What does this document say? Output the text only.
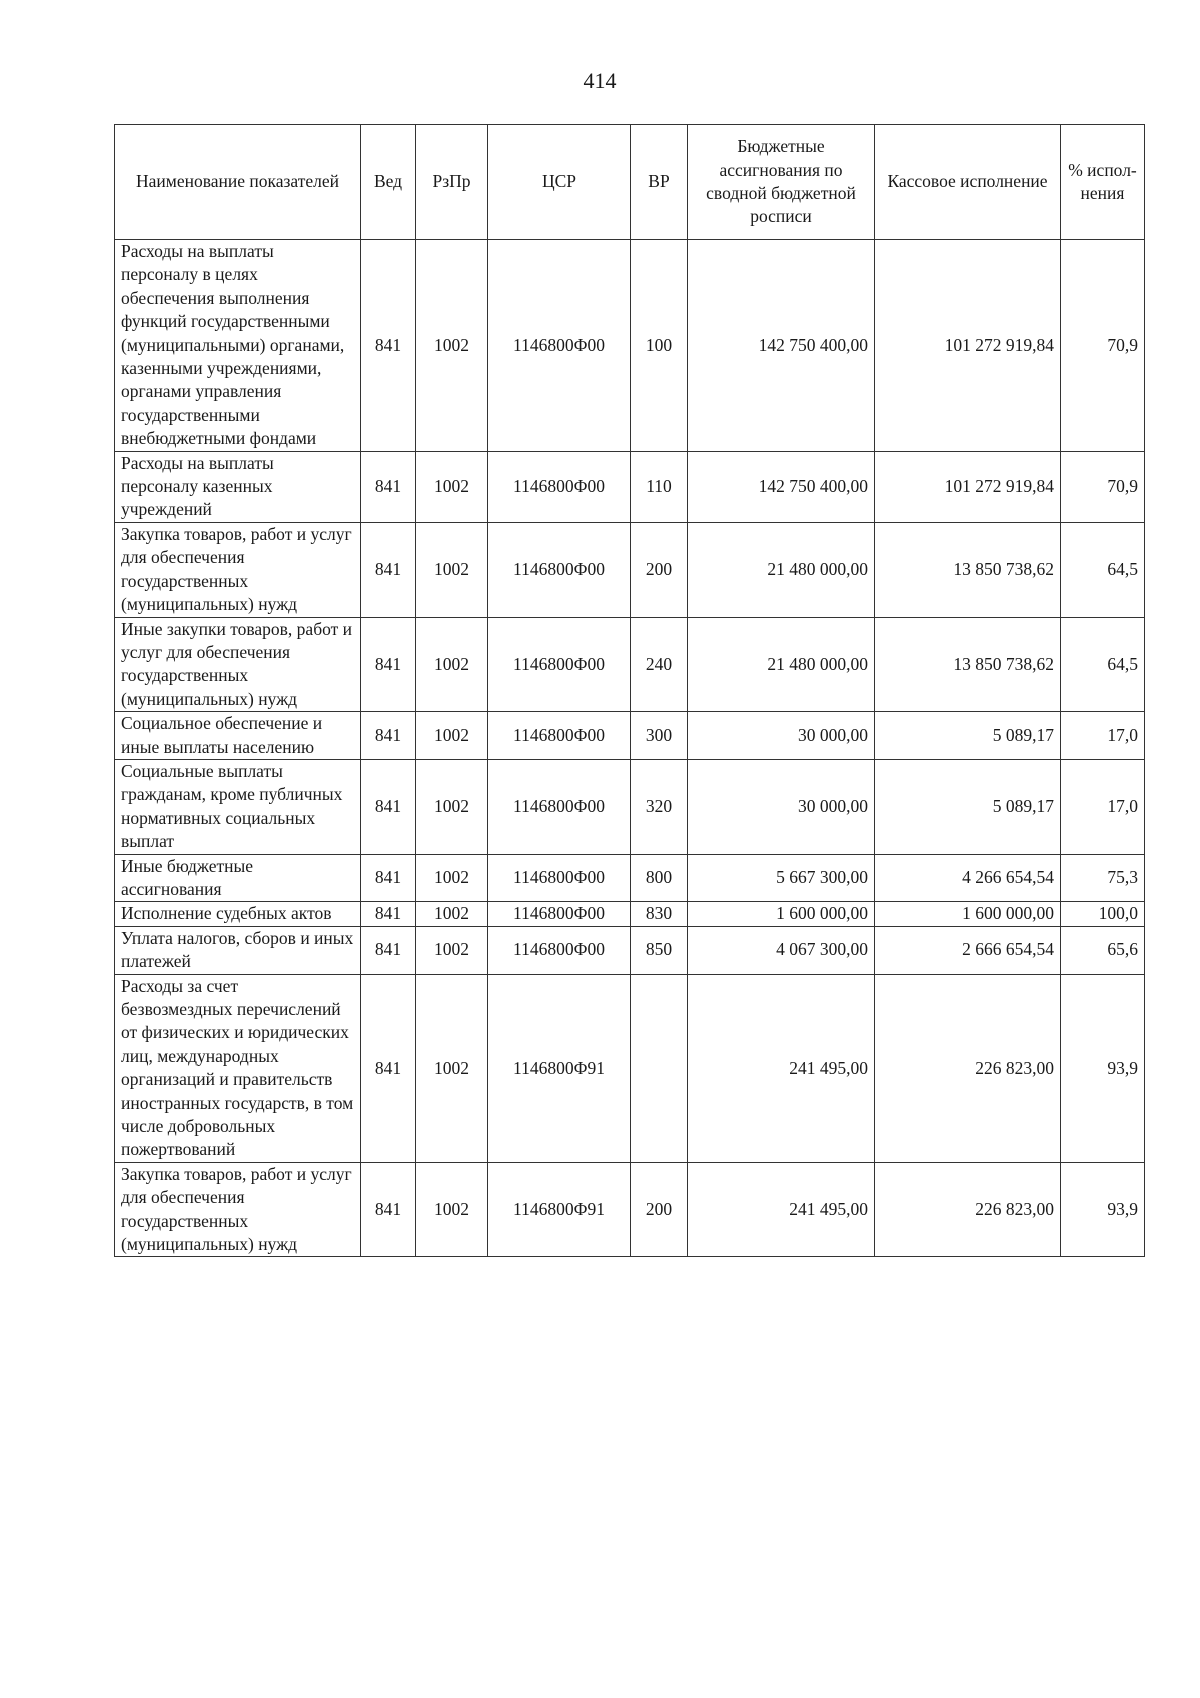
414
Наименование показателей	Вед	РзПр	ЦСР	ВР	Бюджетные ассигнования по сводной бюджетной росписи	Кассовое исполнение	% испол-нения
Расходы на выплаты персоналу в целях обеспечения выполнения функций государственными (муниципальными) органами, казенными учреждениями, органами управления государственными внебюджетными фондами	841	1002	1146800Ф00	100	142 750 400,00	101 272 919,84	70,9
Расходы на выплаты персоналу казенных учреждений	841	1002	1146800Ф00	110	142 750 400,00	101 272 919,84	70,9
Закупка товаров, работ и услуг для обеспечения государственных (муниципальных) нужд	841	1002	1146800Ф00	200	21 480 000,00	13 850 738,62	64,5
Иные закупки товаров, работ и услуг для обеспечения государственных (муниципальных) нужд	841	1002	1146800Ф00	240	21 480 000,00	13 850 738,62	64,5
Социальное обеспечение и иные выплаты населению	841	1002	1146800Ф00	300	30 000,00	5 089,17	17,0
Социальные выплаты гражданам, кроме публичных нормативных социальных выплат	841	1002	1146800Ф00	320	30 000,00	5 089,17	17,0
Иные бюджетные ассигнования	841	1002	1146800Ф00	800	5 667 300,00	4 266 654,54	75,3
Исполнение судебных актов	841	1002	1146800Ф00	830	1 600 000,00	1 600 000,00	100,0
Уплата налогов, сборов и иных платежей	841	1002	1146800Ф00	850	4 067 300,00	2 666 654,54	65,6
Расходы за счет безвозмездных перечислений от физических и юридических лиц, международных организаций и правительств иностранных государств, в том числе добровольных пожертвований	841	1002	1146800Ф91		241 495,00	226 823,00	93,9
Закупка товаров, работ и услуг для обеспечения государственных (муниципальных) нужд	841	1002	1146800Ф91	200	241 495,00	226 823,00	93,9
